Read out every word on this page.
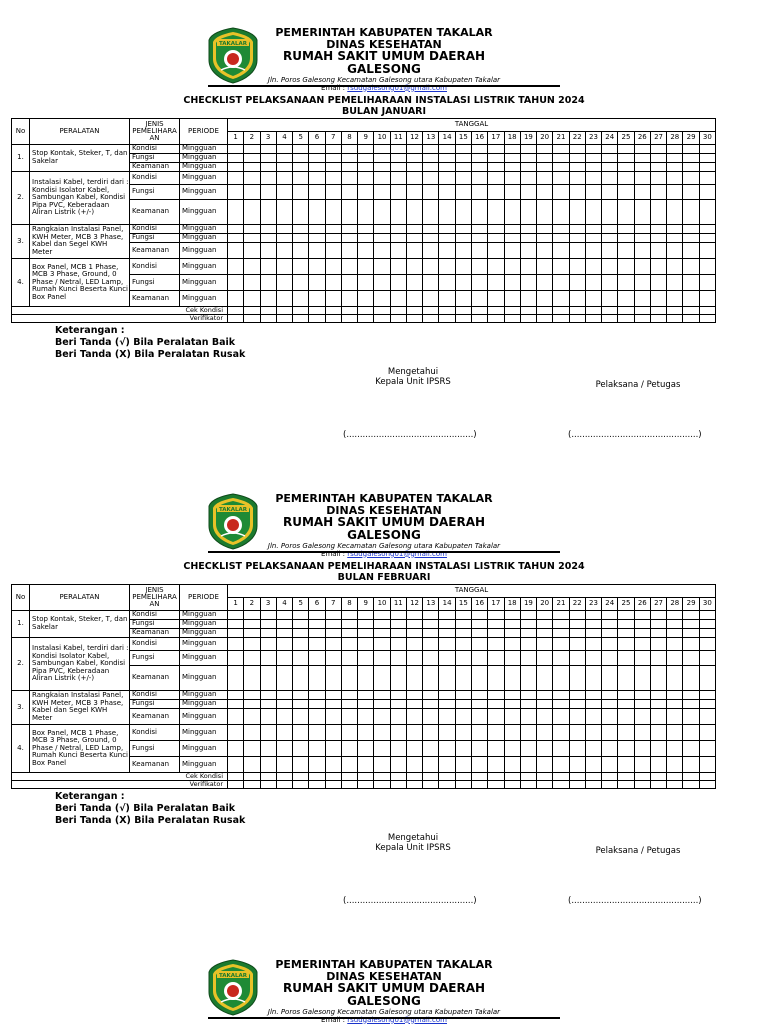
TAKALAR
PEMERINTAH KABUPATEN TAKALAR
DINAS KESEHATAN
RUMAH SAKIT UMUM DAERAH GALESONG
Jln. Poros Galesong Kecamatan Galesong utara Kabupaten Takalar
Email : rsudgalesong01@gmail.com
CHECKLIST PELAKSANAAN PEMELIHARAAN INSTALASI LISTRIK TAHUN 2024
BULAN JANUARI
No	PERALATAN	JENIS PEMELIHARA AN	PERIODE	TANGGAL																													
				1	2	3	4	5	6	7	8	9	10	11	12	13	14	15	16	17	18	19	20	21	22	23	24	25	26	27	28	29	30
1.	Stop Kontak, Steker, T, dan Sakelar	Kondisi	Mingguan																														
		Fungsi	Mingguan																														
		Keamanan	Mingguan																														
2.	Instalasi Kabel, terdiri dari : Kondisi Isolator Kabel, Sambungan Kabel, Kondisi Pipa PVC, Keberadaan Aliran Listrik (+/-)	Kondisi	Mingguan																														
		Fungsi	Mingguan																														
		Keamanan	Mingguan																														
3.	Rangkaian Instalasi Panel, KWH Meter, MCB 3 Phase, Kabel dan Segel KWH Meter	Kondisi	Mingguan																														
		Fungsi	Mingguan																														
		Keamanan	Mingguan																														
4.	Box Panel, MCB 1 Phase, MCB 3 Phase, Ground, 0 Phase / Netral, LED Lamp, Rumah Kunci Beserta Kunci Box Panel	Kondisi	Mingguan																														
		Fungsi	Mingguan																														
		Keamanan	Mingguan																														
Cek Kondisi																																	
Verifikator																																	
Keterangan :
Beri Tanda (√) Bila Peralatan Baik
Beri Tanda (X) Bila Peralatan Rusak
Mengetahui
Kepala Unit IPSRS	Pelaksana / Petugas
(...............................................)	(...............................................)
TAKALAR
PEMERINTAH KABUPATEN TAKALAR
DINAS KESEHATAN
RUMAH SAKIT UMUM DAERAH GALESONG
Jln. Poros Galesong Kecamatan Galesong utara Kabupaten Takalar
Email : rsudgalesong01@gmail.com
CHECKLIST PELAKSANAAN PEMELIHARAAN INSTALASI LISTRIK TAHUN 2024
BULAN FEBRUARI
No	PERALATAN	JENIS PEMELIHARA AN	PERIODE	TANGGAL																													
				1	2	3	4	5	6	7	8	9	10	11	12	13	14	15	16	17	18	19	20	21	22	23	24	25	26	27	28	29	30
1.	Stop Kontak, Steker, T, dan Sakelar	Kondisi	Mingguan																														
		Fungsi	Mingguan																														
		Keamanan	Mingguan																														
2.	Instalasi Kabel, terdiri dari : Kondisi Isolator Kabel, Sambungan Kabel, Kondisi Pipa PVC, Keberadaan Aliran Listrik (+/-)	Kondisi	Mingguan																														
		Fungsi	Mingguan																														
		Keamanan	Mingguan																														
3.	Rangkaian Instalasi Panel, KWH Meter, MCB 3 Phase, Kabel dan Segel KWH Meter	Kondisi	Mingguan																														
		Fungsi	Mingguan																														
		Keamanan	Mingguan																														
4.	Box Panel, MCB 1 Phase, MCB 3 Phase, Ground, 0 Phase / Netral, LED Lamp, Rumah Kunci Beserta Kunci Box Panel	Kondisi	Mingguan																														
		Fungsi	Mingguan																														
		Keamanan	Mingguan																														
Cek Kondisi																																	
Verifikator																																	
Keterangan :
Beri Tanda (√) Bila Peralatan Baik
Beri Tanda (X) Bila Peralatan Rusak
Mengetahui
Kepala Unit IPSRS	Pelaksana / Petugas
(...............................................)	(...............................................)
TAKALAR
PEMERINTAH KABUPATEN TAKALAR
DINAS KESEHATAN
RUMAH SAKIT UMUM DAERAH GALESONG
Jln. Poros Galesong Kecamatan Galesong utara Kabupaten Takalar
Email : rsudgalesong01@gmail.com
